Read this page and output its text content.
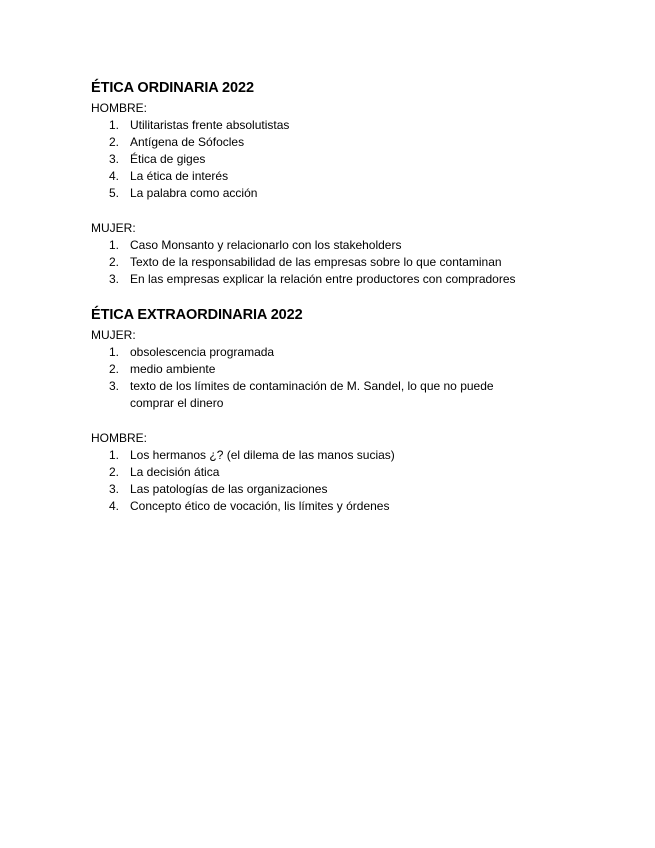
ÉTICA ORDINARIA 2022
HOMBRE:
1. Utilitaristas frente absolutistas
2. Antígena de Sófocles
3. Ética de giges
4. La ética de interés
5. La palabra como acción
MUJER:
1. Caso Monsanto y relacionarlo con los stakeholders
2. Texto de la responsabilidad de las empresas sobre lo que contaminan
3. En las empresas explicar la relación entre productores con compradores
ÉTICA EXTRAORDINARIA 2022
MUJER:
1. obsolescencia programada
2. medio ambiente
3. texto de los límites de contaminación de M. Sandel, lo que no puede comprar el dinero
HOMBRE:
1. Los hermanos ¿? (el dilema de las manos sucias)
2. La decisión ática
3. Las patologías de las organizaciones
4. Concepto ético de vocación, lis límites y órdenes
